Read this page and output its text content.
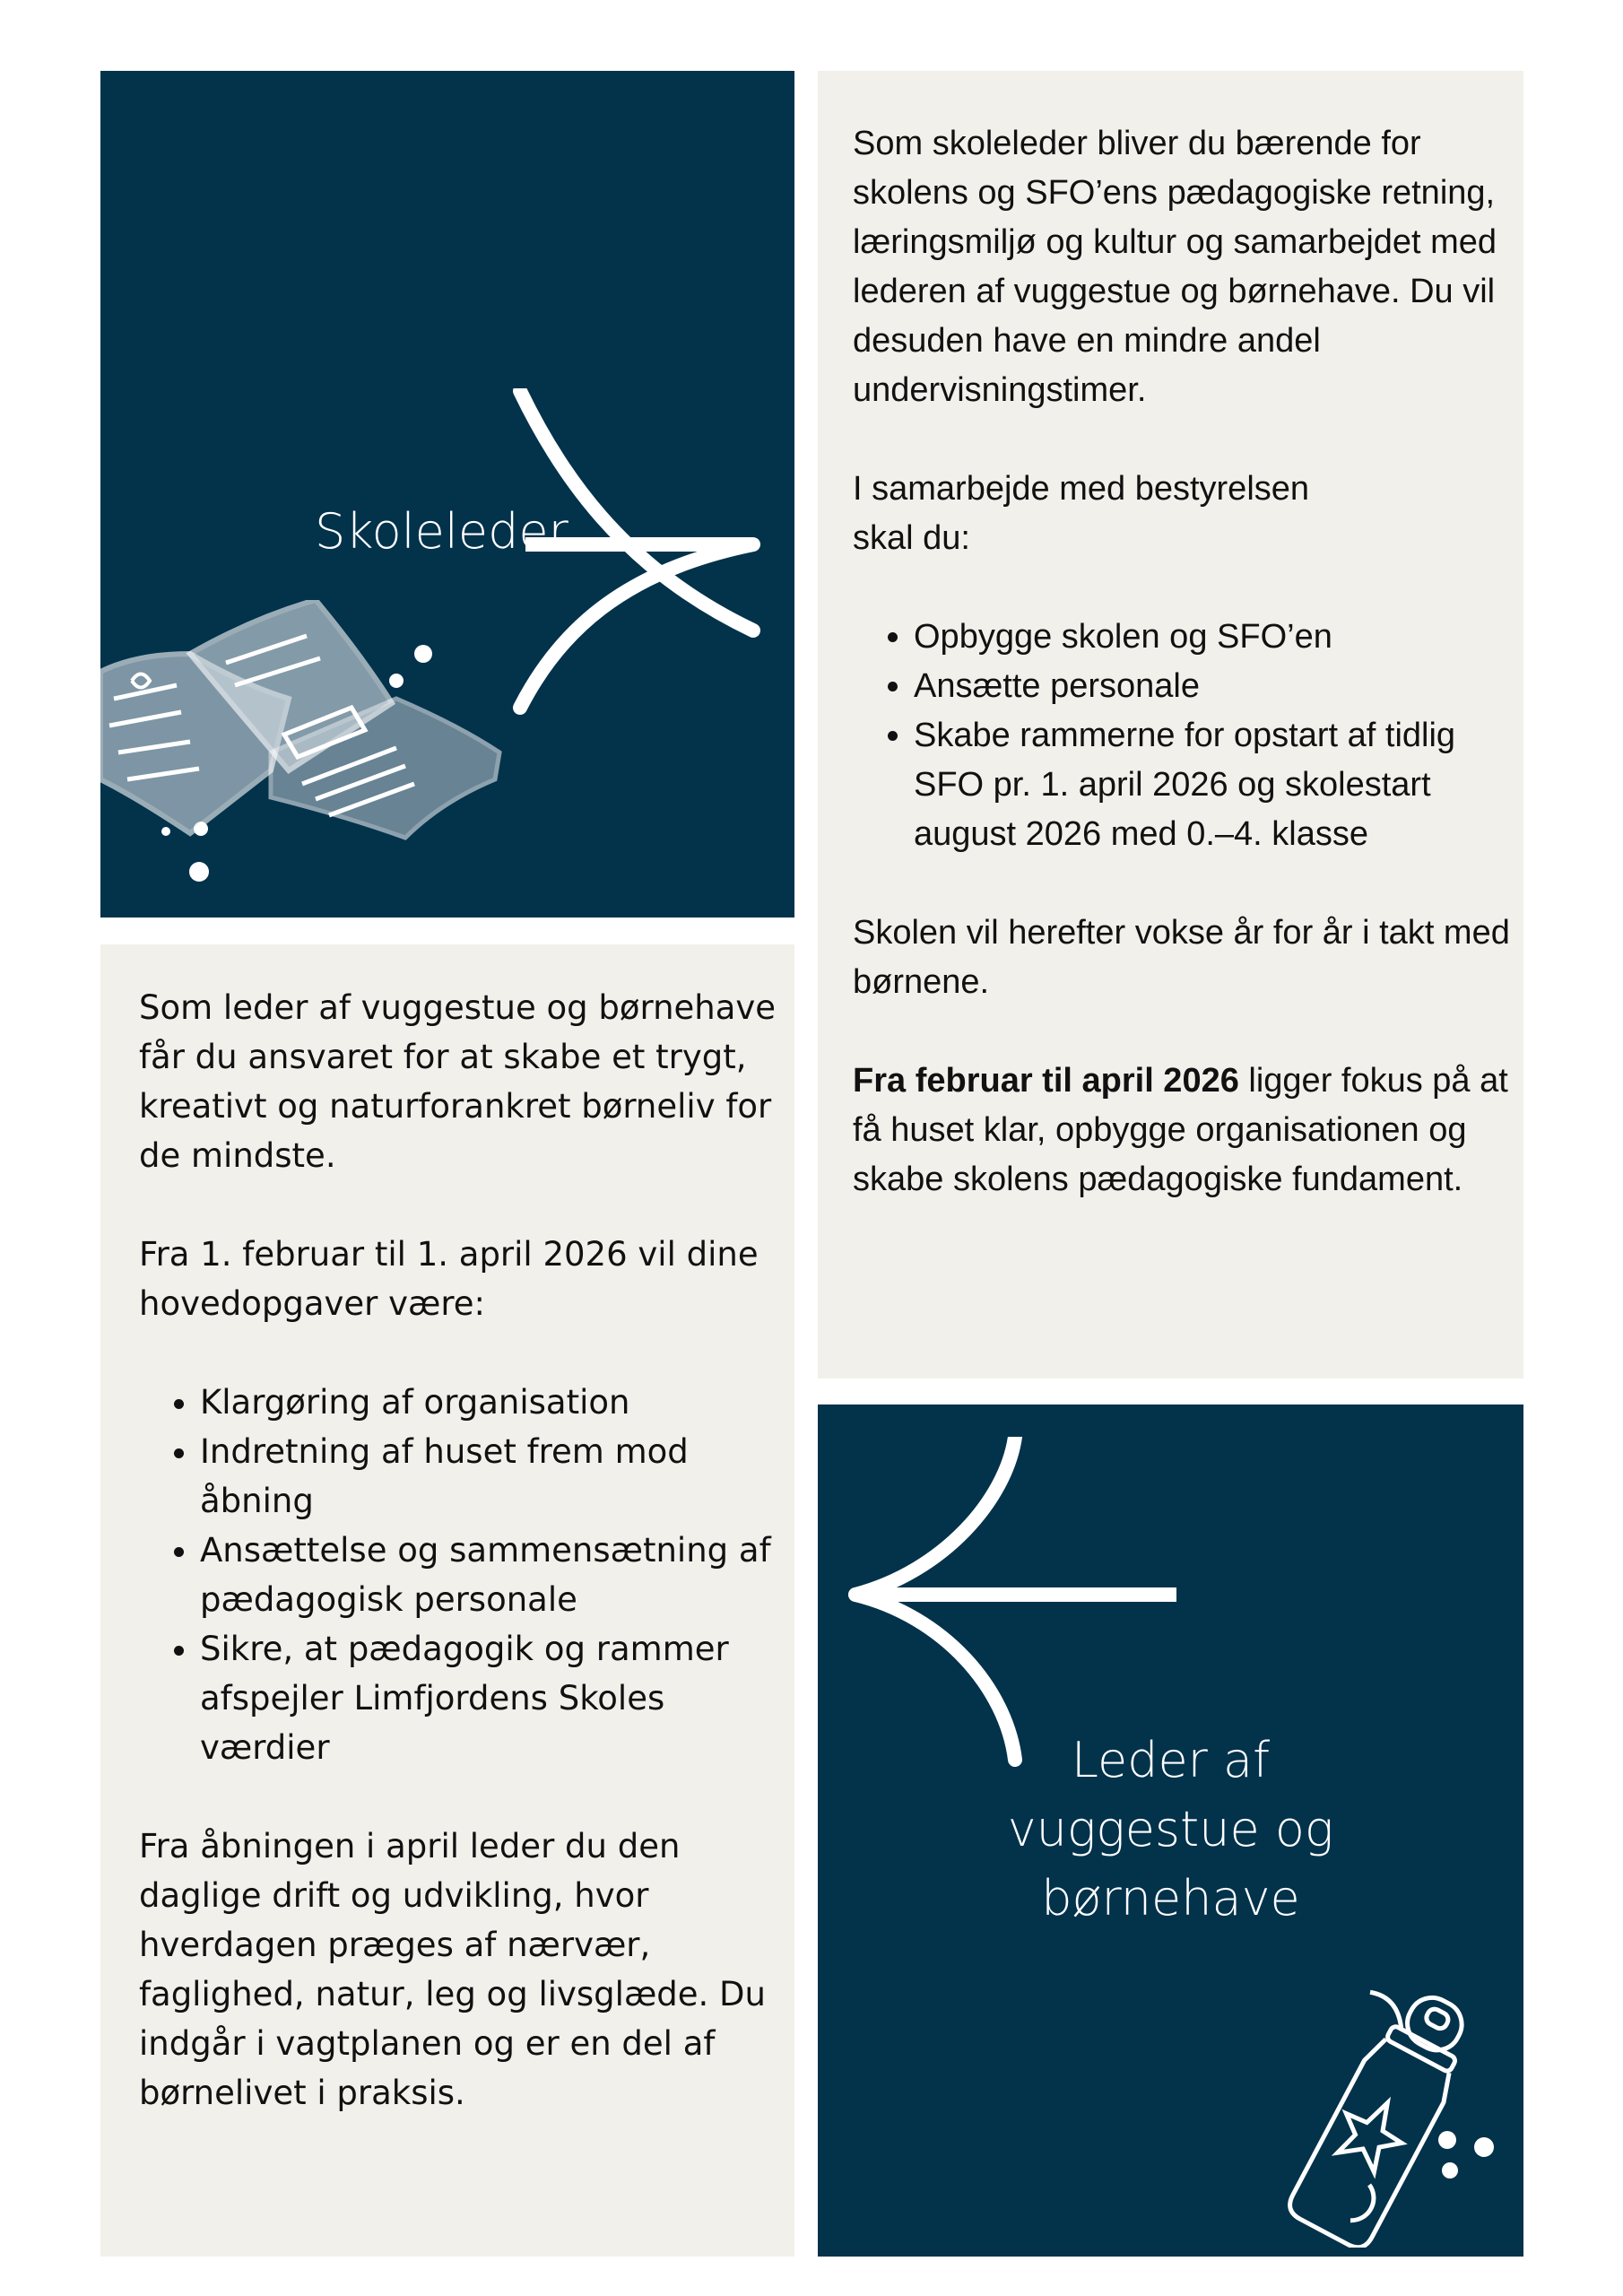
Skoleleder

Som leder af vuggestue og børnehave får du ansvaret for at skabe et trygt, kreativt og naturforankret børneliv for de mindste.

Fra 1. februar til 1. april 2026 vil dine hovedopgaver være:

• Klargøring af organisation
• Indretning af huset frem mod åbning
• Ansættelse og sammensætning af pædagogisk personale
• Sikre, at pædagogik og rammer afspejler Limfjordens Skoles værdier

Fra åbningen i april leder du den daglige drift og udvikling, hvor hverdagen præges af nærvær, faglighed, natur, leg og livsglæde. Du indgår i vagtplanen og er en del af børnelivet i praksis.

Som skoleleder bliver du bærende for skolens og SFO’ens pædagogiske retning, læringsmiljø og kultur og samarbejdet med lederen af vuggestue og børnehave. Du vil desuden have en mindre andel undervisningstimer.

I samarbejde med bestyrelsen skal du:

• Opbygge skolen og SFO’en
• Ansætte personale
• Skabe rammerne for opstart af tidlig SFO pr. 1. april 2026 og skolestart august 2026 med 0.–4. klasse

Skolen vil herefter vokse år for år i takt med børnene.

Fra februar til april 2026 ligger fokus på at få huset klar, opbygge organisationen og skabe skolens pædagogiske fundament.

Leder af
vuggestue og
børnehave
